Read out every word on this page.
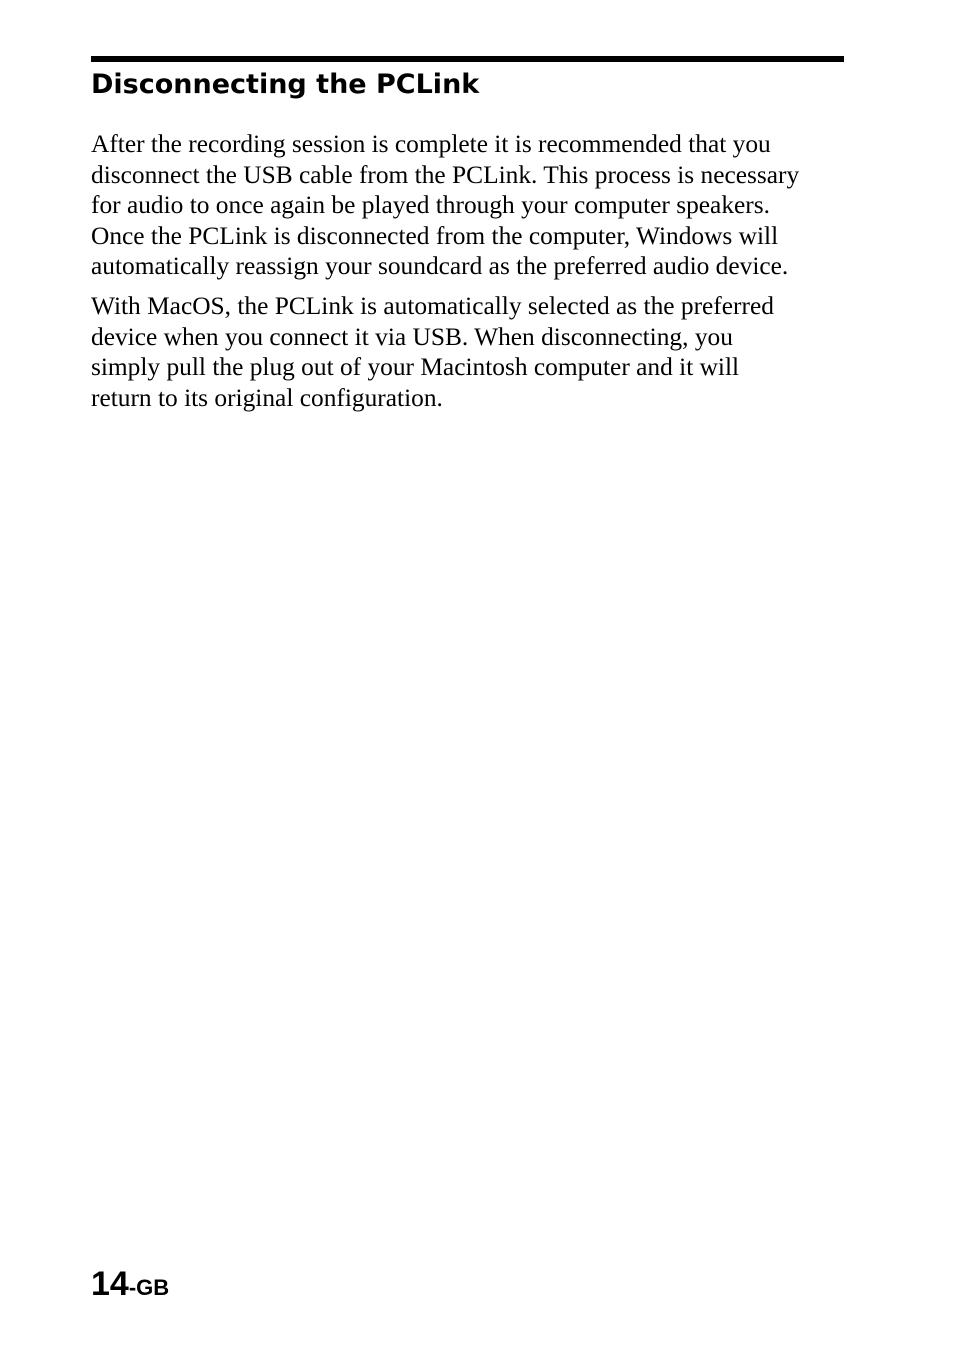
Disconnecting the PCLink

After the recording session is complete it is recommended that you
disconnect the USB cable from the PCLink. This process is necessary
for audio to once again be played through your computer speakers.
Once the PCLink is disconnected from the computer, Windows will
automatically reassign your soundcard as the preferred audio device.

With MacOS, the PCLink is automatically selected as the preferred
device when you connect it via USB. When disconnecting, you
simply pull the plug out of your Macintosh computer and it will
return to its original configuration.

14-GB
